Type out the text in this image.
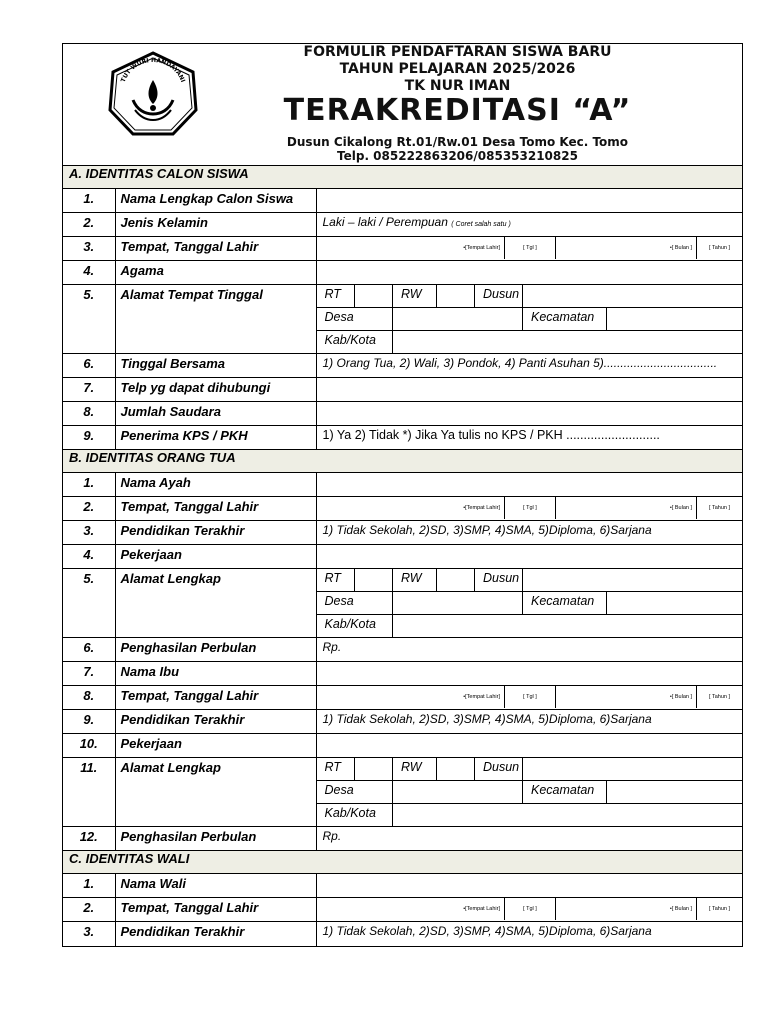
TUT WURI HANDAYANI
FORMULIR PENDAFTARAN SISWA BARU
TAHUN PELAJARAN 2025/2026
TK NUR IMAN
TERAKREDITASI “A”
Dusun Cikalong Rt.01/Rw.01 Desa Tomo Kec. Tomo
Telp. 085222863206/085353210825
A. IDENTITAS CALON SISWA
1.	Nama Lengkap Calon Siswa	
2.	Jenis Kelamin	Laki – laki / Perempuan ( Coret salah satu )

3.	Tempat, Tanggal Lahir		•[Tempat Lahir]	[ Tgl ]	•[ Bulan ]	[ Tahun ]

4.	Agama	
5.	Alamat Tempat Tinggal		RT		RW		Dusun	
Desa			Kecamatan	

Kab/Kota	

6.	Tinggal Bersama	1) Orang Tua, 2) Wali, 3) Pondok, 4) Panti Asuhan 5)..................................

7.	Telp yg dapat dihubungi	
8.	Jumlah Saudara	
9.	Penerima KPS / PKH	1) Ya 2) Tidak *) Jika Ya tulis no KPS / PKH ...........................

B. IDENTITAS ORANG TUA
1.	Nama Ayah	
2.	Tempat, Tanggal Lahir		•[Tempat Lahir]	[ Tgl ]	•[ Bulan ]	[ Tahun ]

3.	Pendidikan Terakhir	1) Tidak Sekolah, 2)SD, 3)SMP, 4)SMA, 5)Diploma, 6)Sarjana

4.	Pekerjaan	
5.	Alamat Lengkap		RT		RW		Dusun	
Desa			Kecamatan	

Kab/Kota	

6.	Penghasilan Perbulan	Rp.

7.	Nama Ibu	
8.	Tempat, Tanggal Lahir		•[Tempat Lahir]	[ Tgl ]	•[ Bulan ]	[ Tahun ]

9.	Pendidikan Terakhir	1) Tidak Sekolah, 2)SD, 3)SMP, 4)SMA, 5)Diploma, 6)Sarjana

10.	Pekerjaan	
11.	Alamat Lengkap		RT		RW		Dusun	
Desa			Kecamatan	

Kab/Kota	

12.	Penghasilan Perbulan	Rp.

C. IDENTITAS WALI
1.	Nama Wali	
2.	Tempat, Tanggal Lahir		•[Tempat Lahir]	[ Tgl ]	•[ Bulan ]	[ Tahun ]

3.	Pendidikan Terakhir	1) Tidak Sekolah, 2)SD, 3)SMP, 4)SMA, 5)Diploma, 6)Sarjana
